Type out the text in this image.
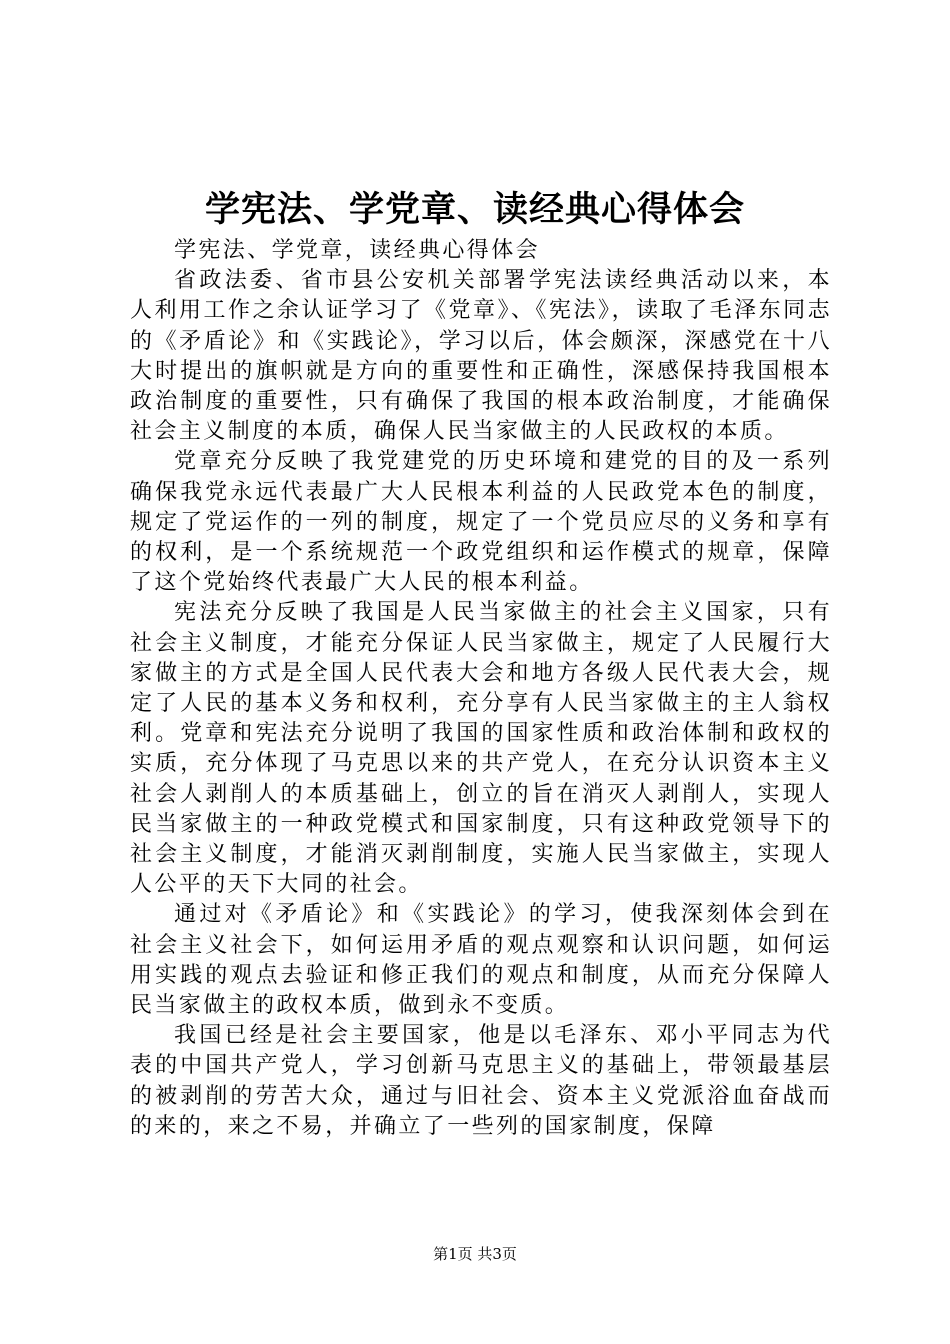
学宪法、学党章、读经典心得体会

学宪法、学党章，读经典心得体会

省政法委、省市县公安机关部署学宪法读经典活动以来，本人利用工作之余认证学习了《党章》、《宪法》，读取了毛泽东同志的《矛盾论》和《实践论》，学习以后，体会颇深，深感党在十八大时提出的旗帜就是方向的重要性和正确性，深感保持我国根本政治制度的重要性，只有确保了我国的根本政治制度，才能确保社会主义制度的本质，确保人民当家做主的人民政权的本质。

党章充分反映了我党建党的历史环境和建党的目的及一系列确保我党永远代表最广大人民根本利益的人民政党本色的制度，规定了党运作的一列的制度，规定了一个党员应尽的义务和享有的权利，是一个系统规范一个政党组织和运作模式的规章，保障了这个党始终代表最广大人民的根本利益。

宪法充分反映了我国是人民当家做主的社会主义国家，只有社会主义制度，才能充分保证人民当家做主，规定了人民履行大家做主的方式是全国人民代表大会和地方各级人民代表大会，规定了人民的基本义务和权利，充分享有人民当家做主的主人翁权利。党章和宪法充分说明了我国的国家性质和政治体制和政权的实质，充分体现了马克思以来的共产党人，在充分认识资本主义社会人剥削人的本质基础上，创立的旨在消灭人剥削人，实现人民当家做主的一种政党模式和国家制度，只有这种政党领导下的社会主义制度，才能消灭剥削制度，实施人民当家做主，实现人人公平的天下大同的社会。

通过对《矛盾论》和《实践论》的学习，使我深刻体会到在社会主义社会下，如何运用矛盾的观点观察和认识问题，如何运用实践的观点去验证和修正我们的观点和制度，从而充分保障人民当家做主的政权本质，做到永不变质。

我国已经是社会主要国家，他是以毛泽东、邓小平同志为代表的中国共产党人，学习创新马克思主义的基础上，带领最基层的被剥削的劳苦大众，通过与旧社会、资本主义党派浴血奋战而的来的，来之不易，并确立了一些列的国家制度，保障

第1页 共3页
